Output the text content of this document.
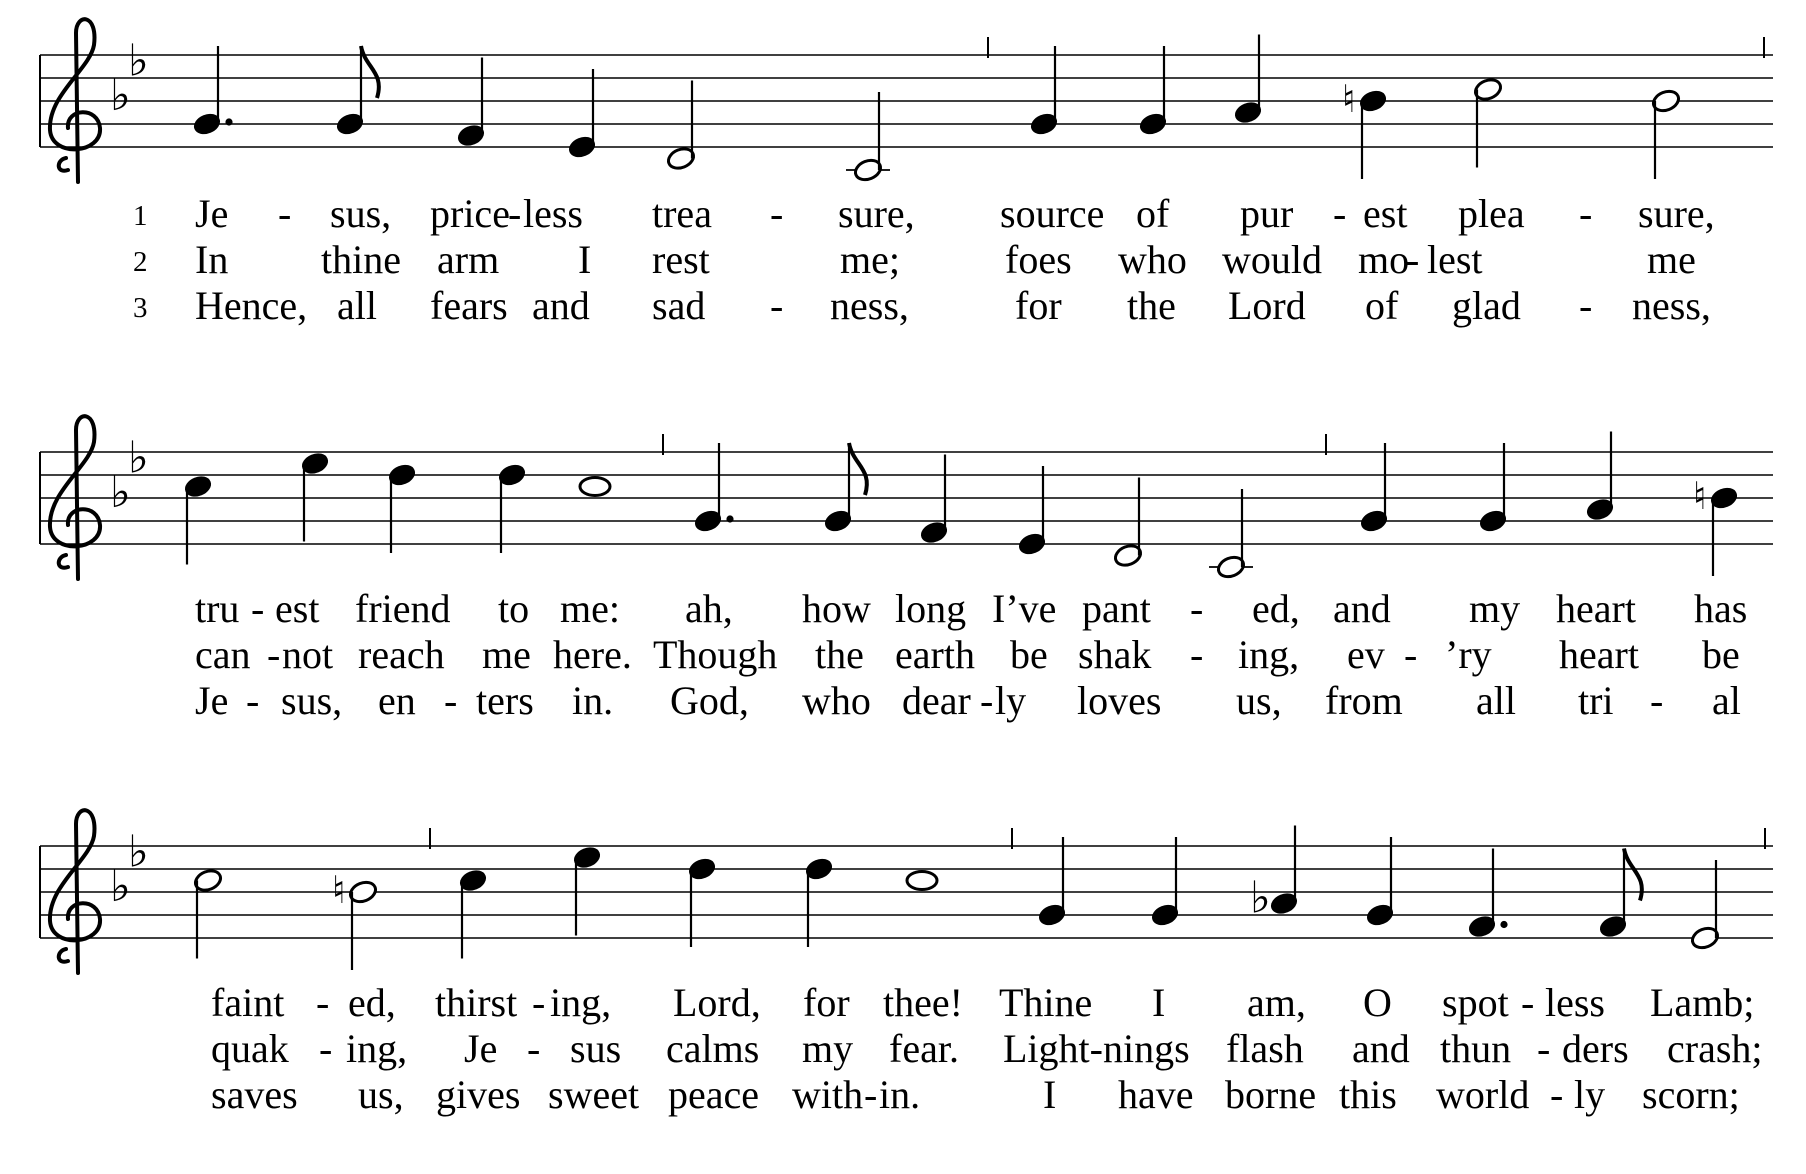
♭
♭
♮
♭
♭
♮
♭
♭
♮	♭
1
2
3
Je - sus, price
- less trea - sure, source of pur - est plea - sure,
In thine arm I rest	me;	foes who would mo
- lest	me
Hence, all fears and sad - ness,	for the Lord of glad - ness,
tru - est friend to me: ah, how long I’ve pant - ed, and my heart has
can - not reach me here. Though the earth be shak - ing, ev - ’ry heart be
Je - sus, en - ters in. God, who dear - ly loves us, from all tri - al
faint - ed, thirst - ing, Lord, for thee! Thine I am, O spot - less Lamb;
quak - ing, Je - sus calms my fear. Light-nings flash and thun - ders crash;
saves us, gives sweet peace with - in.	I have borne this world - ly scorn;
